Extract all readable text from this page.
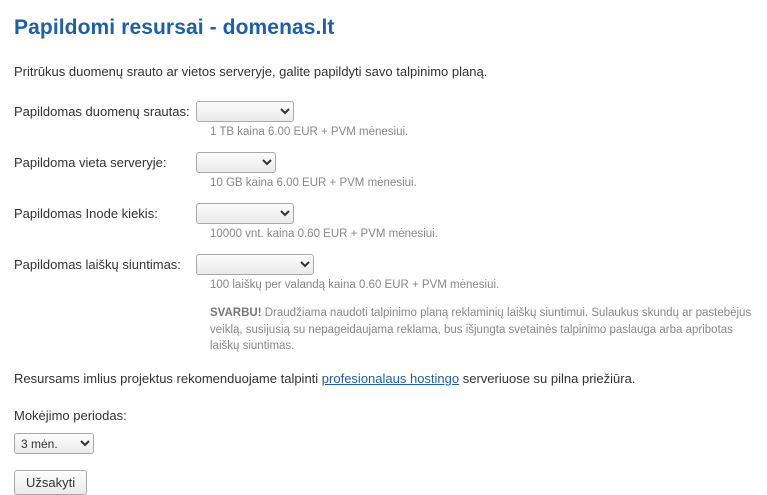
Papildomi resursai - domenas.lt

Pritrūkus duomenų srauto ar vietos serveryje, galite papildyti savo talpinimo planą.

Papildomas duomenų srautas:
1 TB kaina 6.00 EUR + PVM mėnesiui.
Papildoma vieta serveryje:
10 GB kaina 6.00 EUR + PVM mėnesiui.
Papildomas Inode kiekis:
10000 vnt. kaina 0.60 EUR + PVM mėnesiui.
Papildomas laiškų siuntimas:
100 laiškų per valandą kaina 0.60 EUR + PVM mėnesiui.
SVARBU! Draudžiama naudoti talpinimo planą reklaminių laiškų siuntimui. Sulaukus skundų ar pastebėjus veiklą, susijusią su nepageidaujama reklama, bus išjungta svetainės talpinimo paslauga arba apribotas laiškų siuntimas.
Resursams imlius projektus rekomenduojame talpinti profesionalaus hostingo serveriuose su pilna priežiūra.
Mokėjimo periodas:
3 mėn.
Užsakyti
